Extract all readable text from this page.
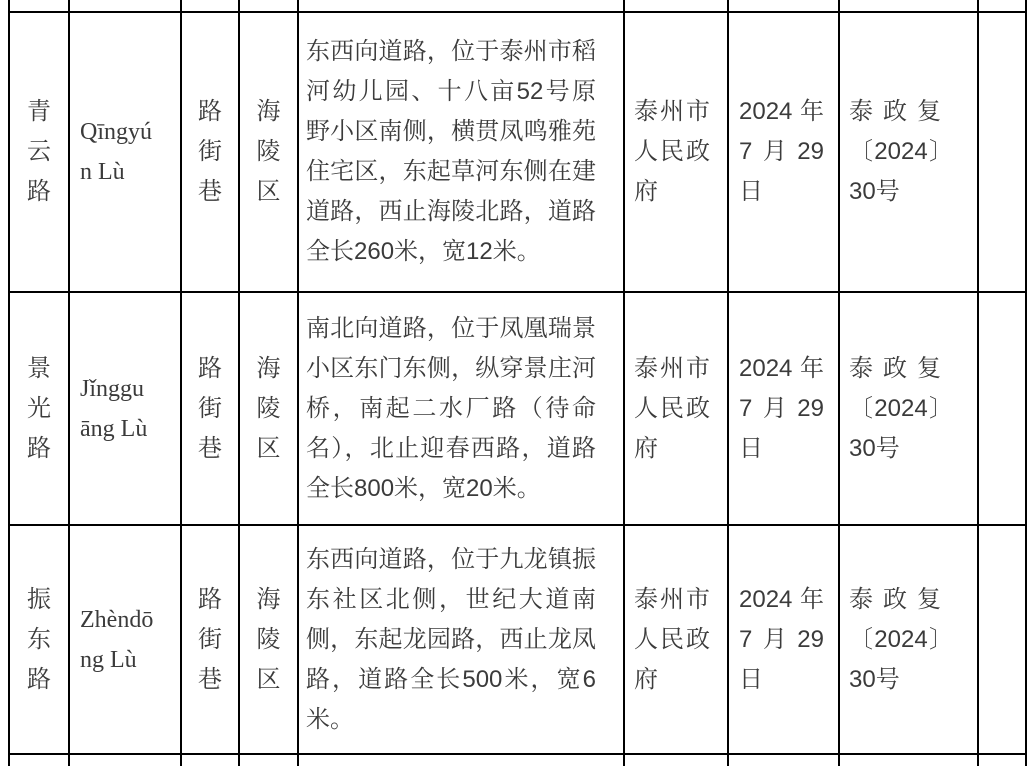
青云路	Qīngyún Lù	路街巷	海陵区	东西向道路，位于泰州市稻河幼儿园、十八亩52号原野小区南侧，横贯凤鸣雅苑住宅区，东起草河东侧在建道路，西止海陵北路，道路全长260米，宽12米。	泰州市人民政府	2024年7月29日	泰政复〔2024〕30号	

景光路	Jǐngguāng Lù	路街巷	海陵区	南北向道路，位于凤凰瑞景小区东门东侧，纵穿景庄河桥，南起二水厂路（待命名），北止迎春西路，道路全长800米，宽20米。	泰州市人民政府	2024年7月29日	泰政复〔2024〕30号	

振东路	Zhèndōng Lù	路街巷	海陵区	东西向道路，位于九龙镇振东社区北侧，世纪大道南侧，东起龙园路，西止龙凤路，道路全长500米，宽6米。	泰州市人民政府	2024年7月29日	泰政复〔2024〕30号	
